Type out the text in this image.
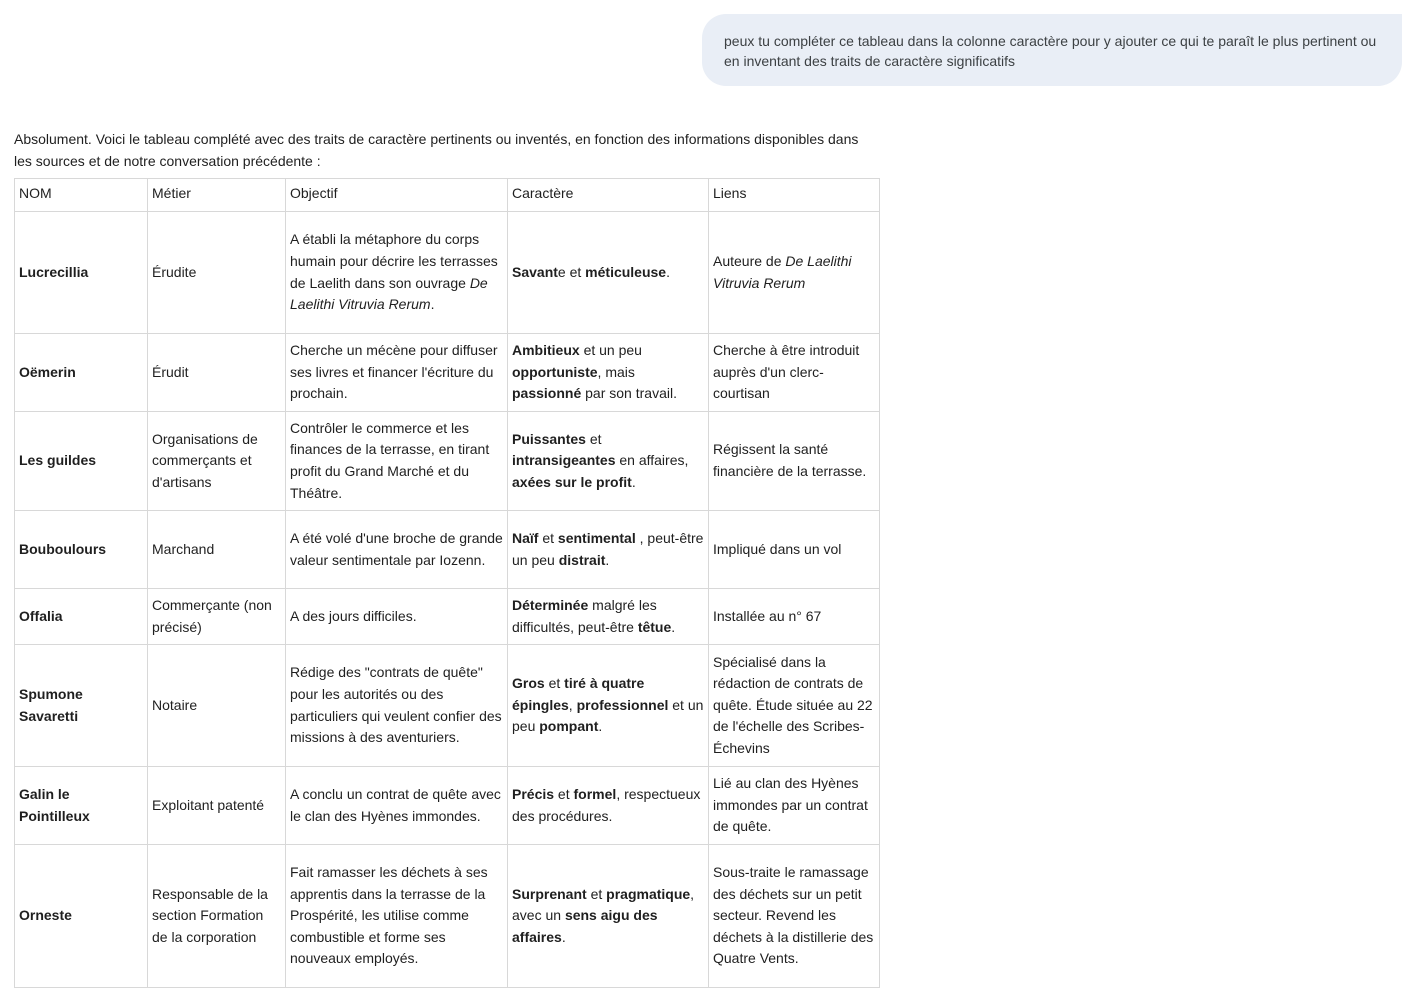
peux tu compléter ce tableau dans la colonne caractère pour y ajouter ce qui te paraît le plus pertinent ou en inventant des traits de caractère significatifs

Absolument. Voici le tableau complété avec des traits de caractère pertinents ou inventés, en fonction des informations disponibles dans les sources et de notre conversation précédente :

NOM	Métier	Objectif	Caractère	Liens
Lucrecillia	Érudite	A établi la métaphore du corps humain pour décrire les terrasses de Laelith dans son ouvrage De Laelithi Vitruvia Rerum.	Savante et méticuleuse.	Auteure de De Laelithi Vitruvia Rerum
Oëmerin	Érudit	Cherche un mécène pour diffuser ses livres et financer l'écriture du prochain.	Ambitieux et un peu opportuniste, mais passionné par son travail.	Cherche à être introduit auprès d'un clerc-courtisan
Les guildes	Organisations de commerçants et d'artisans	Contrôler le commerce et les finances de la terrasse, en tirant profit du Grand Marché et du Théâtre.	Puissantes et intransigeantes en affaires, axées sur le profit.	Régissent la santé financière de la terrasse.
Bouboulours	Marchand	A été volé d'une broche de grande valeur sentimentale par Iozenn.	Naïf et sentimental , peut-être un peu distrait.	Impliqué dans un vol
Offalia	Commerçante (non précisé)	A des jours difficiles.	Déterminée malgré les difficultés, peut-être têtue.	Installée au n° 67
Spumone Savaretti	Notaire	Rédige des "contrats de quête" pour les autorités ou des particuliers qui veulent confier des missions à des aventuriers.	Gros et tiré à quatre épingles, professionnel et un peu pompant.	Spécialisé dans la rédaction de contrats de quête. Étude située au 22 de l'échelle des Scribes-Échevins
Galin le Pointilleux	Exploitant patenté	A conclu un contrat de quête avec le clan des Hyènes immondes.	Précis et formel, respectueux des procédures.	Lié au clan des Hyènes immondes par un contrat de quête.
Orneste	Responsable de la section Formation de la corporation	Fait ramasser les déchets à ses apprentis dans la terrasse de la Prospérité, les utilise comme combustible et forme ses nouveaux employés.	Surprenant et pragmatique, avec un sens aigu des affaires.	Sous-traite le ramassage des déchets sur un petit secteur. Revend les déchets à la distillerie des Quatre Vents.
